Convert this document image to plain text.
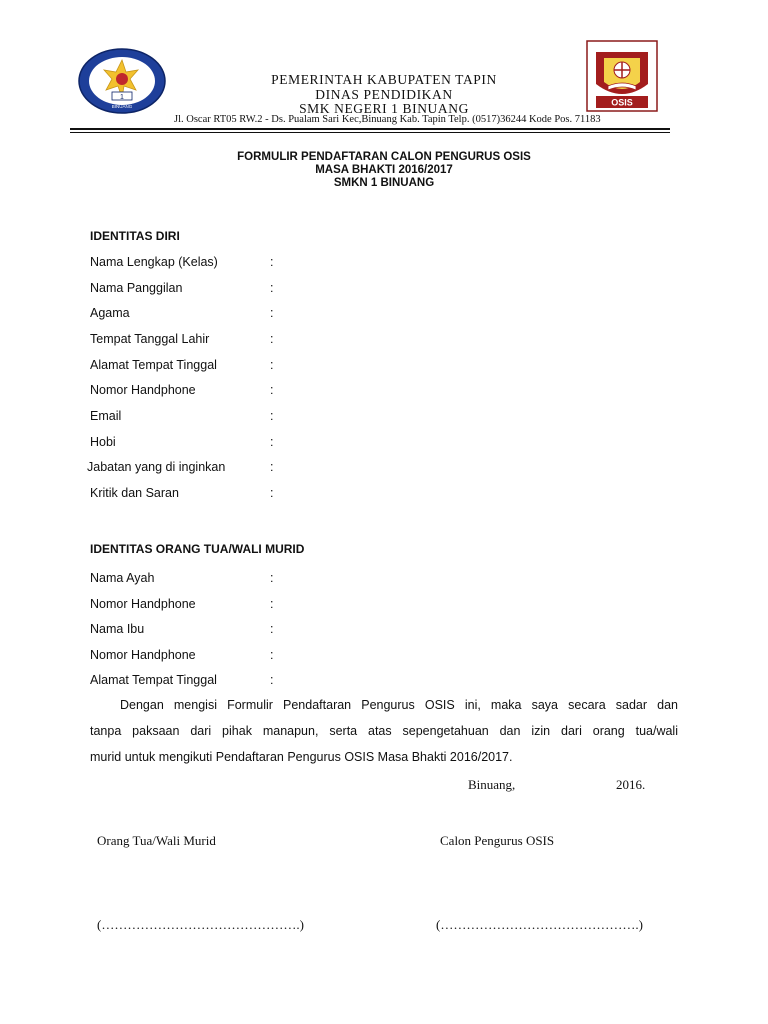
1
BINUANG	OSIS
PEMERINTAH KABUPATEN TAPIN
DINAS PENDIDIKAN
SMK NEGERI 1 BINUANG
Jl. Oscar RT05 RW.2 - Ds. Pualam Sari Kec,Binuang Kab. Tapin Telp. (0517)36244 Kode Pos. 71183
FORMULIR PENDAFTARAN CALON PENGURUS OSIS
MASA BHAKTI 2016/2017
SMKN 1 BINUANG
IDENTITAS DIRI
Nama Lengkap (Kelas)	:
Nama Panggilan	:
Agama	:
Tempat Tanggal Lahir	:
Alamat Tempat Tinggal	:
Nomor Handphone	:
Email	:
Hobi	:
Jabatan yang di inginkan	:
Kritik dan Saran	:
IDENTITAS ORANG TUA/WALI MURID
Nama Ayah	:
Nomor Handphone	:
Nama Ibu	:
Nomor Handphone	:
Alamat Tempat Tinggal	:

Dengan mengisi Formulir Pendaftaran Pengurus OSIS ini, maka saya secara sadar dan

tanpa paksaan dari pihak manapun, serta atas sepengetahuan dan izin dari orang tua/wali

murid untuk mengikuti Pendaftaran Pengurus OSIS Masa Bhakti 2016/2017.

Binuang,	2016.
Orang Tua/Wali Murid	Calon Pengurus OSIS
(……………………………………….)	(……………………………………….)
